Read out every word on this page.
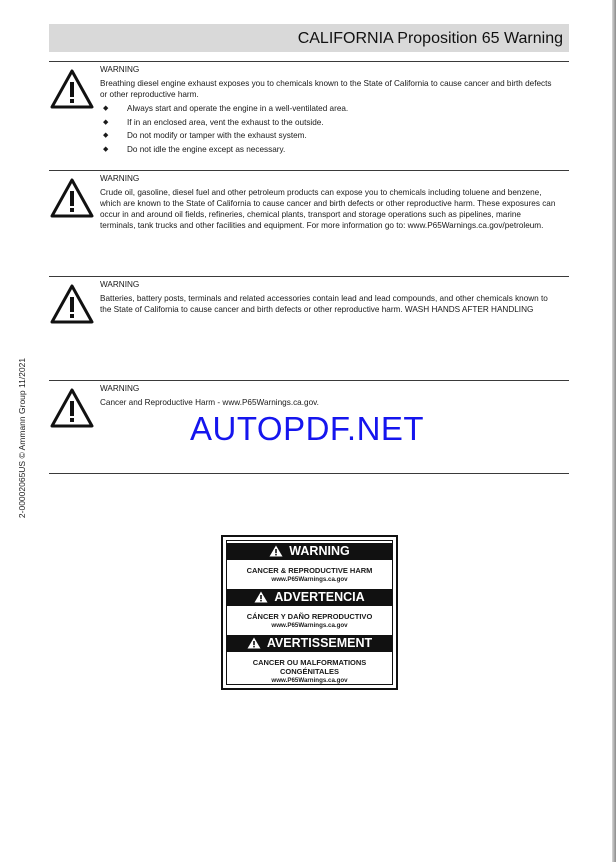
2-00002065US © Ammann Group 11/2021
CALIFORNIA Proposition 65 Warning

WARNING

Breathing diesel engine exhaust exposes you to chemicals known to the State of California to cause cancer and birth defects or other reproductive harm.

◆ Always start and operate the engine in a well-ventilated area.
◆ If in an enclosed area, vent the exhaust to the outside.
◆ Do not modify or tamper with the exhaust system.
◆ Do not idle the engine except as necessary.

WARNING

Crude oil, gasoline, diesel fuel and other petroleum products can expose you to chemicals including toluene and benzene, which are known to the State of California to cause cancer and birth defects or other reproductive harm. These exposures can occur in and around oil fields, refineries, chemical plants, transport and storage operations such as pipelines, marine terminals, tank trucks and other facilities and equipment. For more information go to: www.P65Warnings.ca.gov/petroleum.

WARNING

Batteries, battery posts, terminals and related accessories contain lead and lead compounds, and other chemicals known to the State of California to cause cancer and birth defects or other reproductive harm. WASH HANDS AFTER HANDLING

WARNING

Cancer and Reproductive Harm - www.P65Warnings.ca.gov.

AUTOPDF.NET
WARNING
CANCER & REPRODUCTIVE HARM
www.P65Warnings.ca.gov
ADVERTENCIA
CÁNCER Y DAÑO REPRODUCTIVO
www.P65Warnings.ca.gov
AVERTISSEMENT
CANCER OU MALFORMATIONS
CONGÉNITALES
www.P65Warnings.ca.gov
